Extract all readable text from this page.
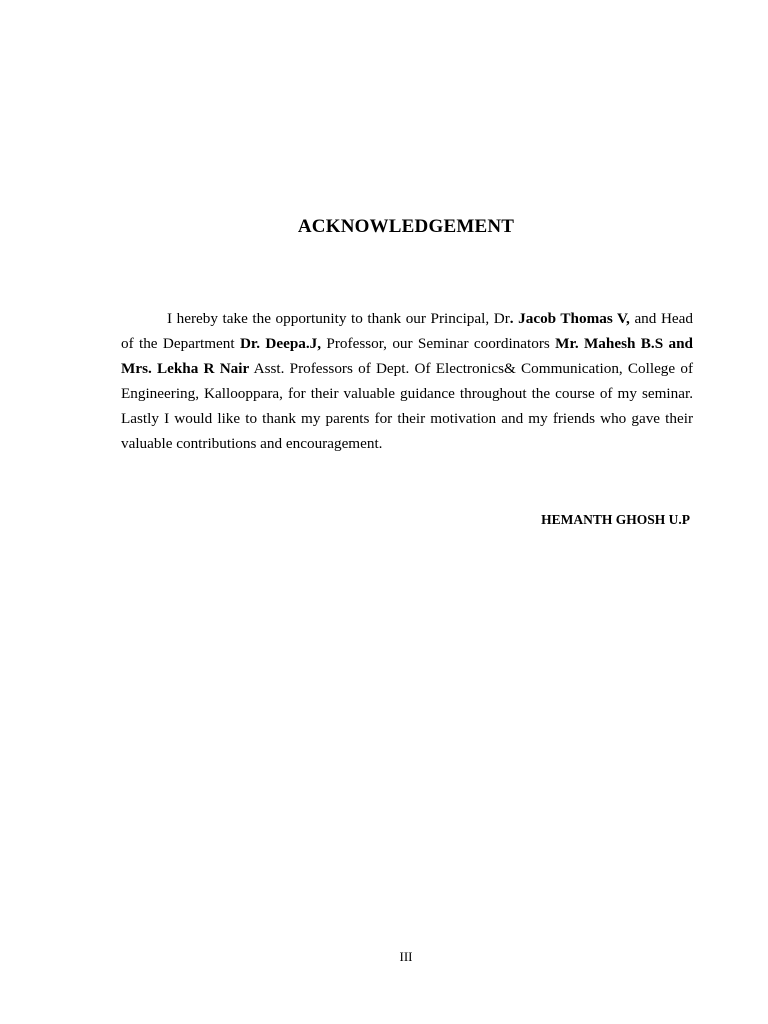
ACKNOWLEDGEMENT

I hereby take the opportunity to thank our Principal, Dr. Jacob Thomas V, and Head of the Department Dr. Deepa.J, Professor, our Seminar coordinators Mr. Mahesh B.S and Mrs. Lekha R Nair Asst. Professors of Dept. Of Electronics& Communication, College of Engineering, Kallooppara, for their valuable guidance throughout the course of my seminar. Lastly I would like to thank my parents for their motivation and my friends who gave their valuable contributions and encouragement.

HEMANTH GHOSH U.P

III
